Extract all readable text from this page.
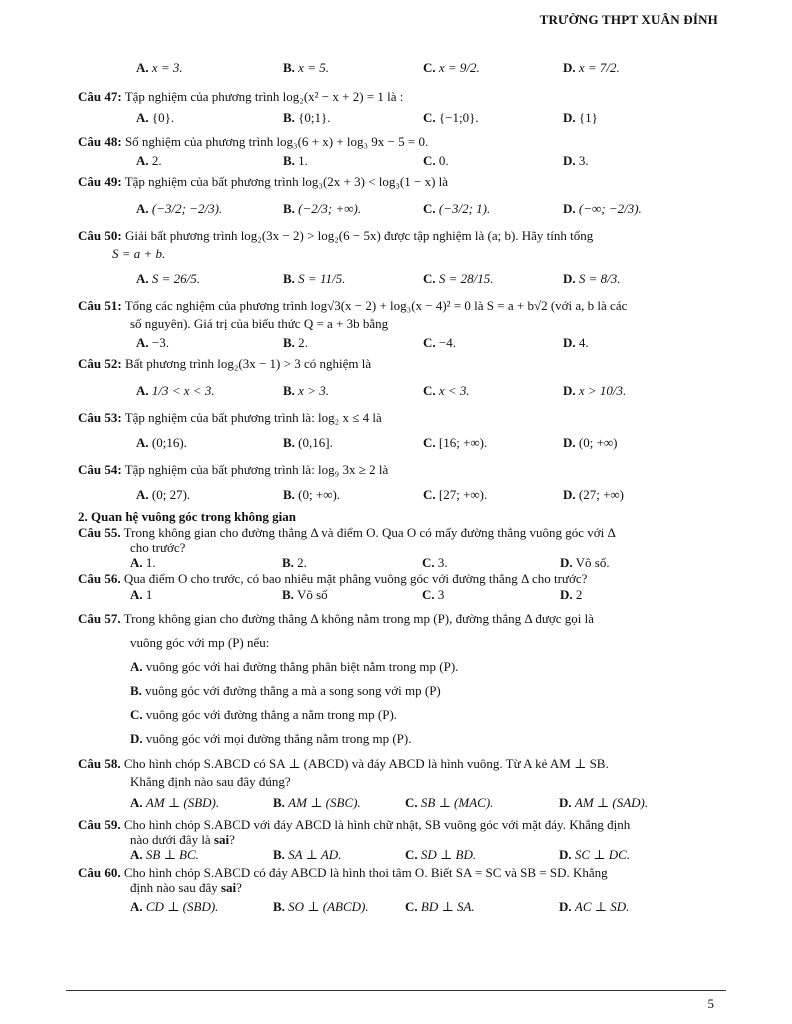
TRƯỜNG THPT XUÂN ĐỈNH
A. x = 3.	B. x = 5.	C. x = 9/2.	D. x = 7/2.

Câu 47: Tập nghiệm của phương trình log₂(x² − x + 2) = 1 là :

A. {0}.	B. {0;1}.	C. {−1;0}.	D. {1}

Câu 48: Số nghiệm của phương trình log₃(6 + x) + log₃ 9x − 5 = 0.

A. 2.	B. 1.	C. 0.	D. 3.

Câu 49: Tập nghiệm của bất phương trình log₃(2x + 3) < log₃(1 − x) là

A. (−3/2; −2/3).	B. (−2/3; +∞).	C. (−3/2; 1).	D. (−∞; −2/3).

Câu 50: Giải bất phương trình log₂(3x − 2) > log₂(6 − 5x) được tập nghiệm là (a; b). Hãy tính tổng

S = a + b.

A. S = 26/5.	B. S = 11/5.	C. S = 28/15.	D. S = 8/3.

Câu 51: Tổng các nghiệm của phương trình log√3(x − 2) + log₃(x − 4)² = 0 là S = a + b√2 (với a, b là các

số nguyên). Giá trị của biểu thức Q = a + 3b bằng

A. −3.	B. 2.	C. −4.	D. 4.

Câu 52: Bất phương trình log₂(3x − 1) > 3 có nghiệm là

A. 1/3 < x < 3.	B. x > 3.	C. x < 3.	D. x > 10/3.

Câu 53: Tập nghiệm của bất phương trình là: log₂ x ≤ 4 là

A. (0;16).	B. (0,16].	C. [16; +∞).	D. (0; +∞)

Câu 54: Tập nghiệm của bất phương trình là: log₉ 3x ≥ 2 là

A. (0; 27).	B. (0; +∞).	C. [27; +∞).	D. (27; +∞)

2. Quan hệ vuông góc trong không gian

Câu 55. Trong không gian cho đường thẳng Δ và điểm O. Qua O có mấy đường thẳng vuông góc với Δ

cho trước?

A. 1.	B. 2.	C. 3.	D. Vô số.

Câu 56. Qua điểm O cho trước, có bao nhiêu mặt phẳng vuông góc với đường thẳng Δ cho trước?

A. 1	B. Vô số	C. 3	D. 2

Câu 57. Trong không gian cho đường thẳng Δ không nằm trong mp (P), đường thẳng Δ được gọi là

vuông góc với mp (P) nếu:

A. vuông góc với hai đường thẳng phân biệt nằm trong mp (P).
B. vuông góc với đường thẳng a mà a song song với mp (P)
C. vuông góc với đường thẳng a nằm trong mp (P).
D. vuông góc với mọi đường thẳng nằm trong mp (P).

Câu 58. Cho hình chóp S.ABCD có SA ⊥ (ABCD) và đáy ABCD là hình vuông. Từ A kẻ AM ⊥ SB.

Khẳng định nào sau đây đúng?

A. AM ⊥ (SBD).	B. AM ⊥ (SBC).	C. SB ⊥ (MAC).	D. AM ⊥ (SAD).

Câu 59. Cho hình chóp S.ABCD với đáy ABCD là hình chữ nhật, SB vuông góc với mặt đáy. Khẳng định

nào dưới đây là sai?

A. SB ⊥ BC.	B. SA ⊥ AD.	C. SD ⊥ BD.	D. SC ⊥ DC.

Câu 60. Cho hình chóp S.ABCD có đáy ABCD là hình thoi tâm O. Biết SA = SC và SB = SD. Khẳng

định nào sau đây sai?

A. CD ⊥ (SBD).	B. SO ⊥ (ABCD).	C. BD ⊥ SA.	D. AC ⊥ SD.
5
